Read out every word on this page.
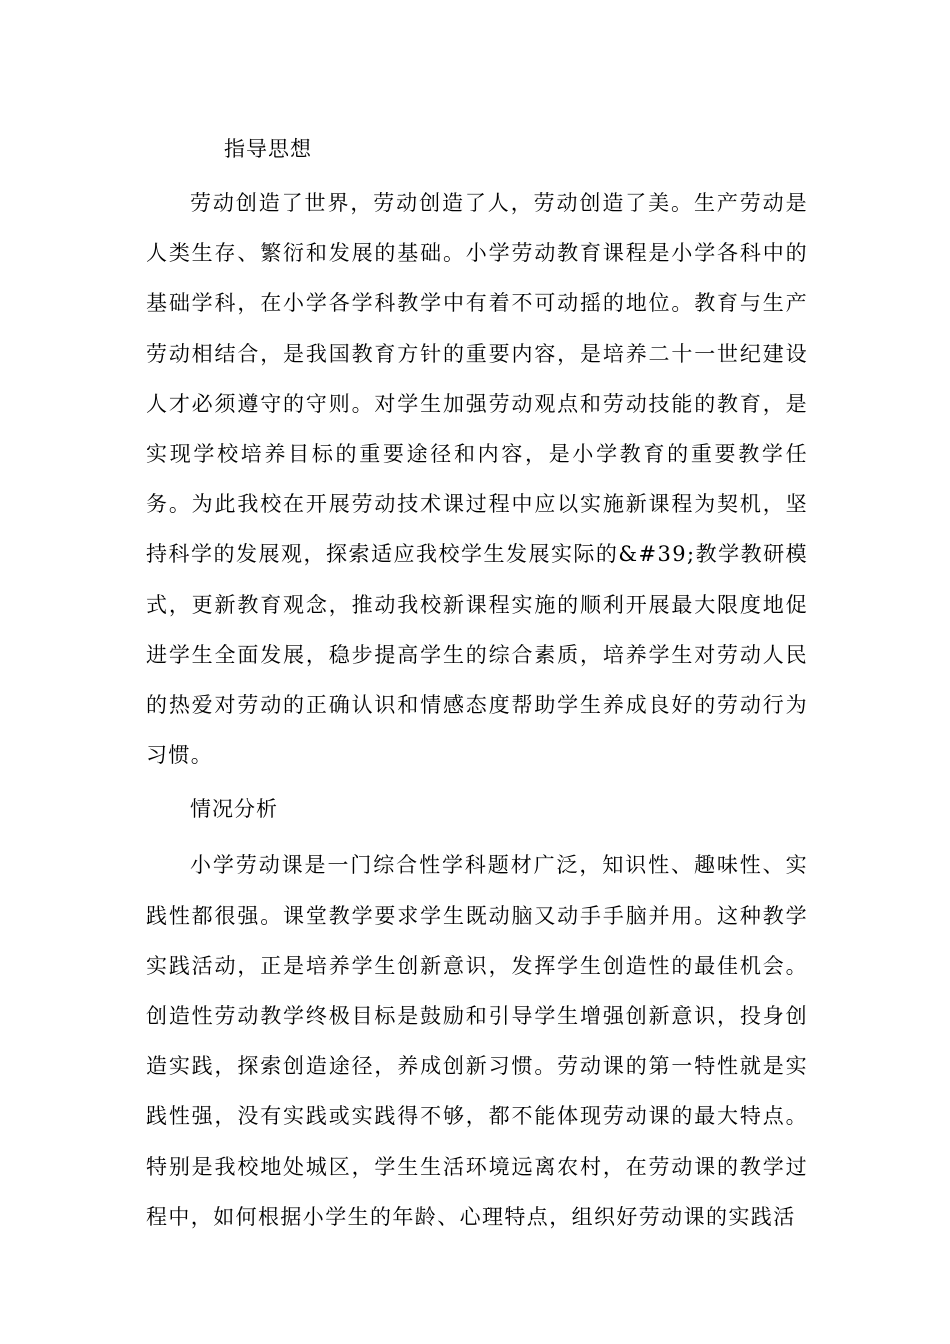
指导思想

劳动创造了世界，劳动创造了人，劳动创造了美。生产劳动是人类生存、繁衍和发展的基础。小学劳动教育课程是小学各科中的基础学科，在小学各学科教学中有着不可动摇的地位。教育与生产劳动相结合，是我国教育方针的重要内容，是培养二十一世纪建设人才必须遵守的守则。对学生加强劳动观点和劳动技能的教育，是实现学校培养目标的重要途径和内容，是小学教育的重要教学任务。为此我校在开展劳动技术课过程中应以实施新课程为契机，坚持科学的发展观，探索适应我校学生发展实际的&#39;教学教研模式，更新教育观念，推动我校新课程实施的顺利开展最大限度地促进学生全面发展，稳步提高学生的综合素质，培养学生对劳动人民的热爱对劳动的正确认识和情感态度帮助学生养成良好的劳动行为习惯。

情况分析

小学劳动课是一门综合性学科题材广泛，知识性、趣味性、实践性都很强。课堂教学要求学生既动脑又动手手脑并用。这种教学实践活动，正是培养学生创新意识，发挥学生创造性的最佳机会。创造性劳动教学终极目标是鼓励和引导学生增强创新意识，投身创造实践，探索创造途径，养成创新习惯。劳动课的第一特性就是实践性强，没有实践或实践得不够，都不能体现劳动课的最大特点。特别是我校地处城区，学生生活环境远离农村，在劳动课的教学过程中，如何根据小学生的年龄、心理特点，组织好劳动课的实践活
